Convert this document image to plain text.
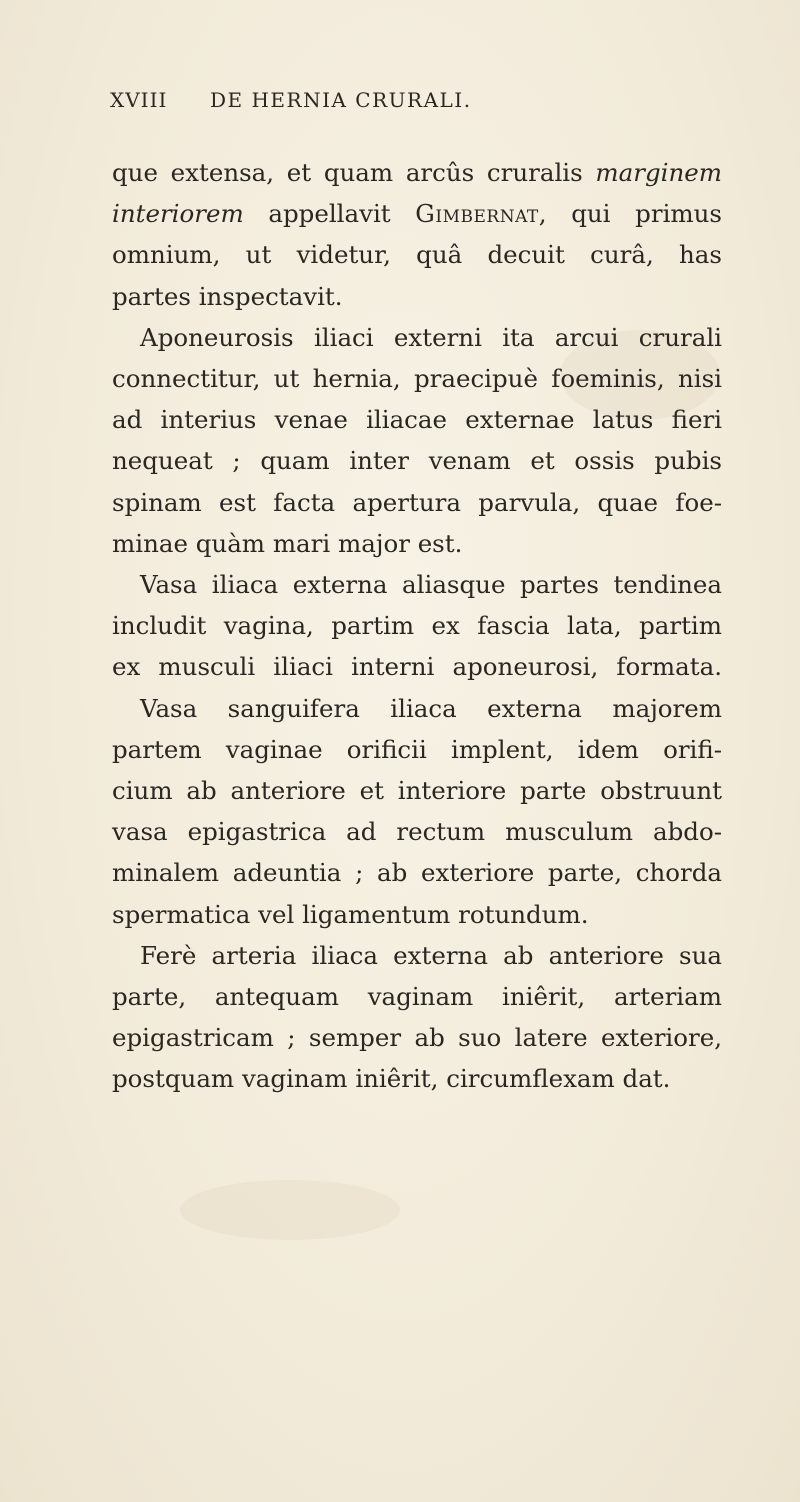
XVIII DE HERNIA CRURALI.
que extensa, et quam arcûs cruralis marginem
interiorem appellavit Gimbernat, qui primus
omnium, ut videtur, quâ decuit curâ, has
partes inspectavit.
Aponeurosis iliaci externi ita arcui crurali
connectitur, ut hernia, praecipuè foeminis, nisi
ad interius venae iliacae externae latus fieri
nequeat ; quam inter venam et ossis pubis
spinam est facta apertura parvula, quae foe-
minae quàm mari major est.
Vasa iliaca externa aliasque partes tendinea
includit vagina, partim ex fascia lata, partim
ex musculi iliaci interni aponeurosi, formata.
Vasa sanguifera iliaca externa majorem
partem vaginae orificii implent, idem orifi-
cium ab anteriore et interiore parte obstruunt
vasa epigastrica ad rectum musculum abdo-
minalem adeuntia ; ab exteriore parte, chorda
spermatica vel ligamentum rotundum.
Ferè arteria iliaca externa ab anteriore sua
parte, antequam vaginam iniêrit, arteriam
epigastricam ; semper ab suo latere exteriore,
postquam vaginam iniêrit, circumflexam dat.
